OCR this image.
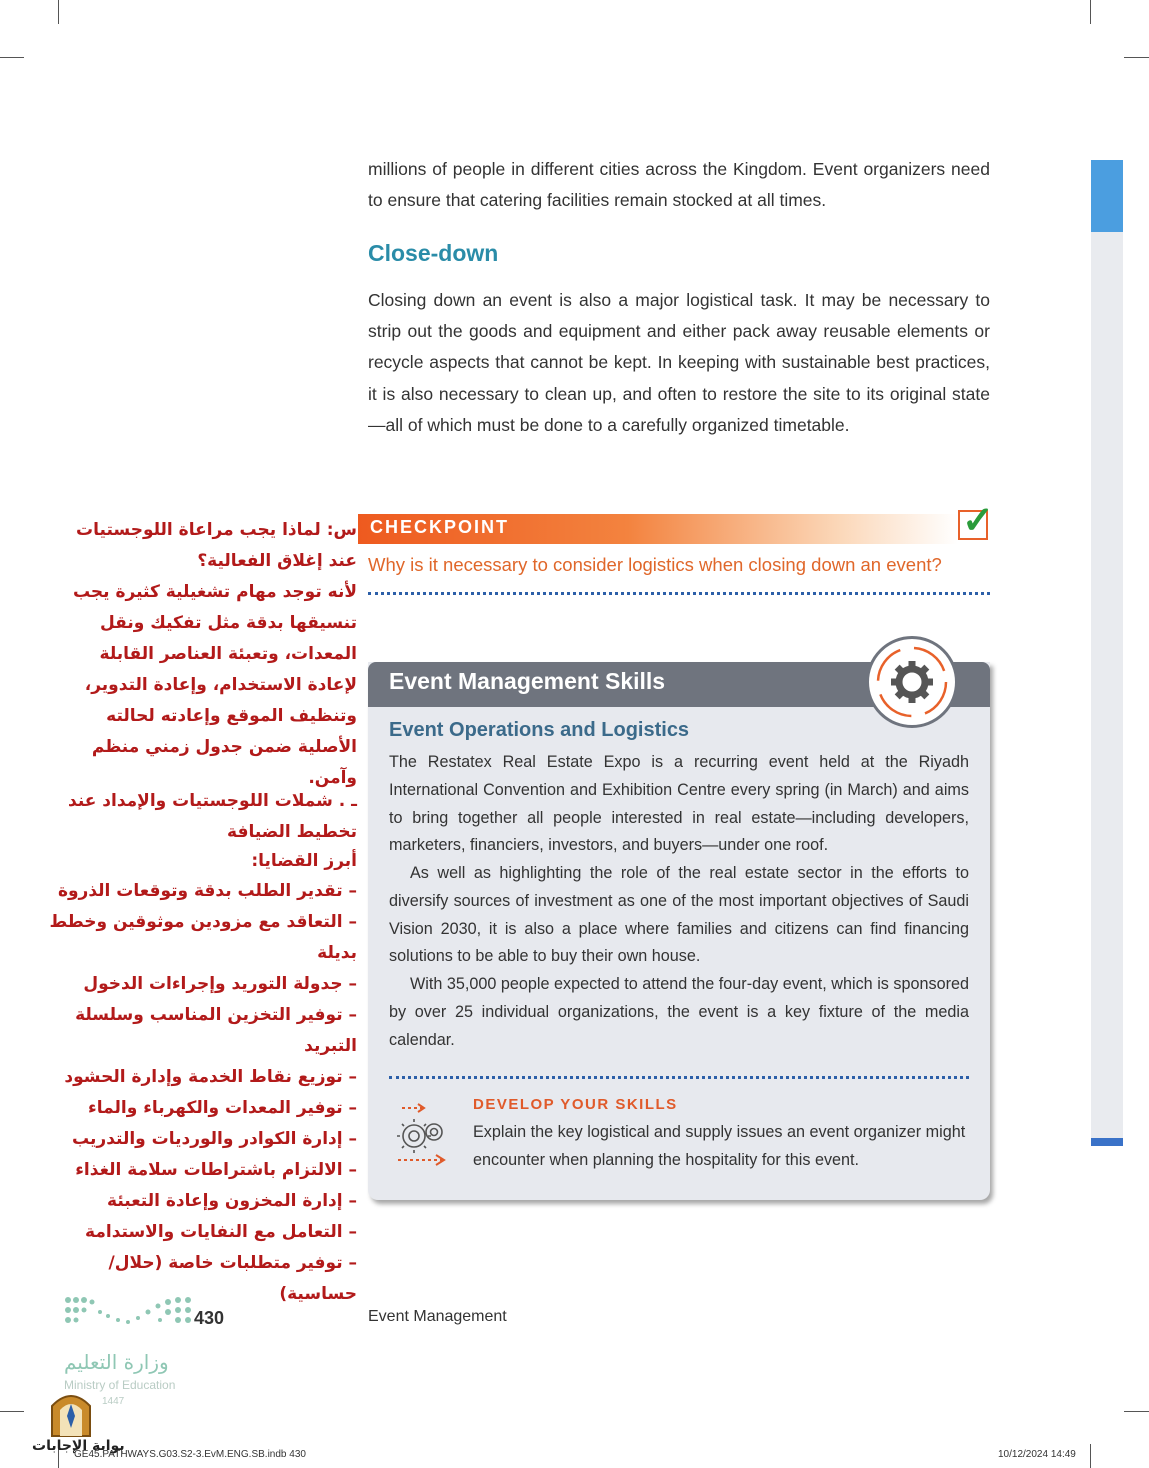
millions of people in different cities across the Kingdom. Event organizers need to ensure that catering facilities remain stocked at all times.
Close-down
Closing down an event is also a major logistical task. It may be necessary to strip out the goods and equipment and either pack away reusable elements or recycle aspects that cannot be kept. In keeping with sustainable best practices, it is also necessary to clean up, and often to restore the site to its original state—all of which must be done to a carefully organized timetable.
CHECKPOINT	✓
Why is it necessary to consider logistics when closing down an event?
Event Management Skills
Event Operations and Logistics
The Restatex Real Estate Expo is a recurring event held at the Riyadh International Convention and Exhibition Centre every spring (in March) and aims to bring together all people interested in real estate—including developers, marketers, financiers, investors, and buyers—under one roof.
As well as highlighting the role of the real estate sector in the efforts to diversify sources of investment as one of the most important objectives of Saudi Vision 2030, it is also a place where families and citizens can find financing solutions to be able to buy their own house.
With 35,000 people expected to attend the four-day event, which is sponsored by over 25 individual organizations, the event is a key fixture of the media calendar.
DEVELOP YOUR SKILLS
Explain the key logistical and supply issues an event organizer might encounter when planning the hospitality for this event.
س: لماذا يجب مراعاة اللوجستيات عند إغلاق الفعالية؟
لأنه توجد مهام تشغيلية كثيرة يجب تنسيقها بدقة مثل تفكيك ونقل المعدات، وتعبئة العناصر القابلة لإعادة الاستخدام، وإعادة التدوير، وتنظيف الموقع وإعادته لحالته الأصلية ضمن جدول زمني منظم وآمن.
ـ . شملات اللوجستيات والإمداد عند تخطيط الضيافة
أبرز القضايا:
– تقدير الطلب بدقة وتوقعات الذروة
– التعاقد مع مزودين موثوقين وخطط بديلة
– جدولة التوريد وإجراءات الدخول
– توفير التخزين المناسب وسلسلة التبريد
– توزيع نقاط الخدمة وإدارة الحشود
– توفير المعدات والكهرباء والماء
– إدارة الكوادر والورديات والتدريب
– الالتزام باشتراطات سلامة الغذاء
– إدارة المخزون وإعادة التعبئة
– التعامل مع النفايات والاستدامة
– توفير متطلبات خاصة (حلال/حساسية)
430	Event Management
وزارة التعليم
Ministry of Education
1447
بوابة الإجابات
GE45.PATHWAYS.G03.S2-3.EvM.ENG.SB.indb 430	10/12/2024 14:49
